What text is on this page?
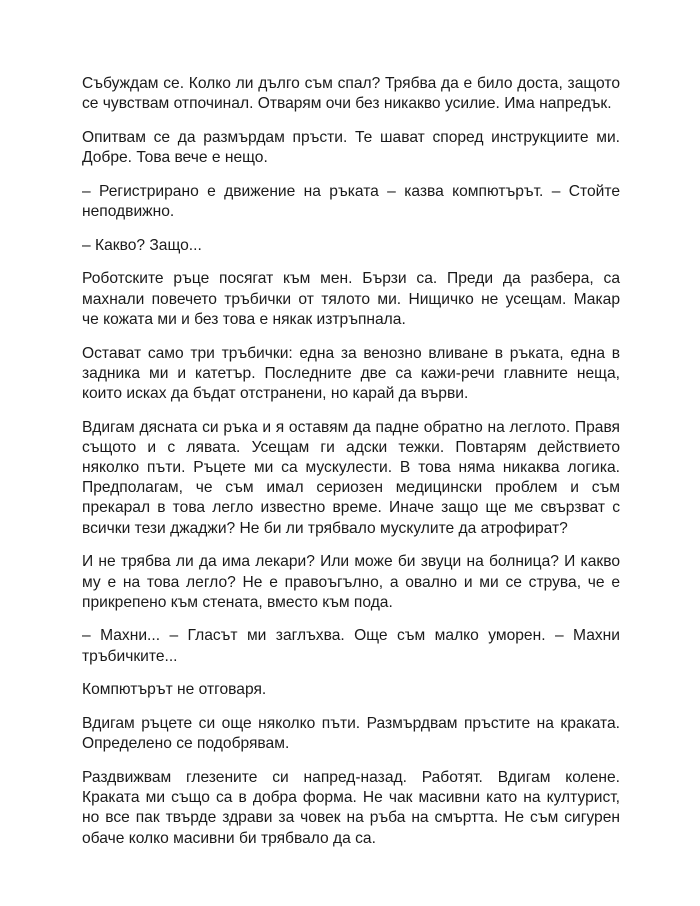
Събуждам се. Колко ли дълго съм спал? Трябва да е било доста, защото
се чувствам отпочинал. Отварям очи без никакво усилие. Има напредък.

Опитвам се да размърдам пръсти. Те шават според инструкциите ми.
Добре. Това вече е нещо.

– Регистрирано е движение на ръката – казва компютърът. – Стойте
неподвижно.

– Какво? Защо...

Роботските ръце посягат към мен. Бързи са. Преди да разбера, са
махнали повечето тръбички от тялото ми. Нищичко не усещам. Макар
че кожата ми и без това е някак изтръпнала.

Остават само три тръбички: една за венозно вливане в ръката, една в
задника ми и катетър. Последните две са кажи-речи главните неща,
които исках да бъдат отстранени, но карай да върви.

Вдигам дясната си ръка и я оставям да падне обратно на леглото. Правя
същото и с лявата. Усещам ги адски тежки. Повтарям действието
няколко пъти. Ръцете ми са мускулести. В това няма никаква логика.
Предполагам, че съм имал сериозен медицински проблем и съм
прекарал в това легло известно време. Иначе защо ще ме свързват с
всички тези джаджи? Не би ли трябвало мускулите да атрофират?

И не трябва ли да има лекари? Или може би звуци на болница? И какво
му е на това легло? Не е правоъгълно, а овално и ми се струва, че е
прикрепено към стената, вместо към пода.

– Махни... – Гласът ми заглъхва. Още съм малко уморен. – Махни
тръбичките...

Компютърът не отговаря.

Вдигам ръцете си още няколко пъти. Размърдвам пръстите на краката.
Определено се подобрявам.

Раздвижвам глезените си напред-назад. Работят. Вдигам колене.
Краката ми също са в добра форма. Не чак масивни като на културист,
но все пак твърде здрави за човек на ръба на смъртта. Не съм сигурен
обаче колко масивни би трябвало да са.
